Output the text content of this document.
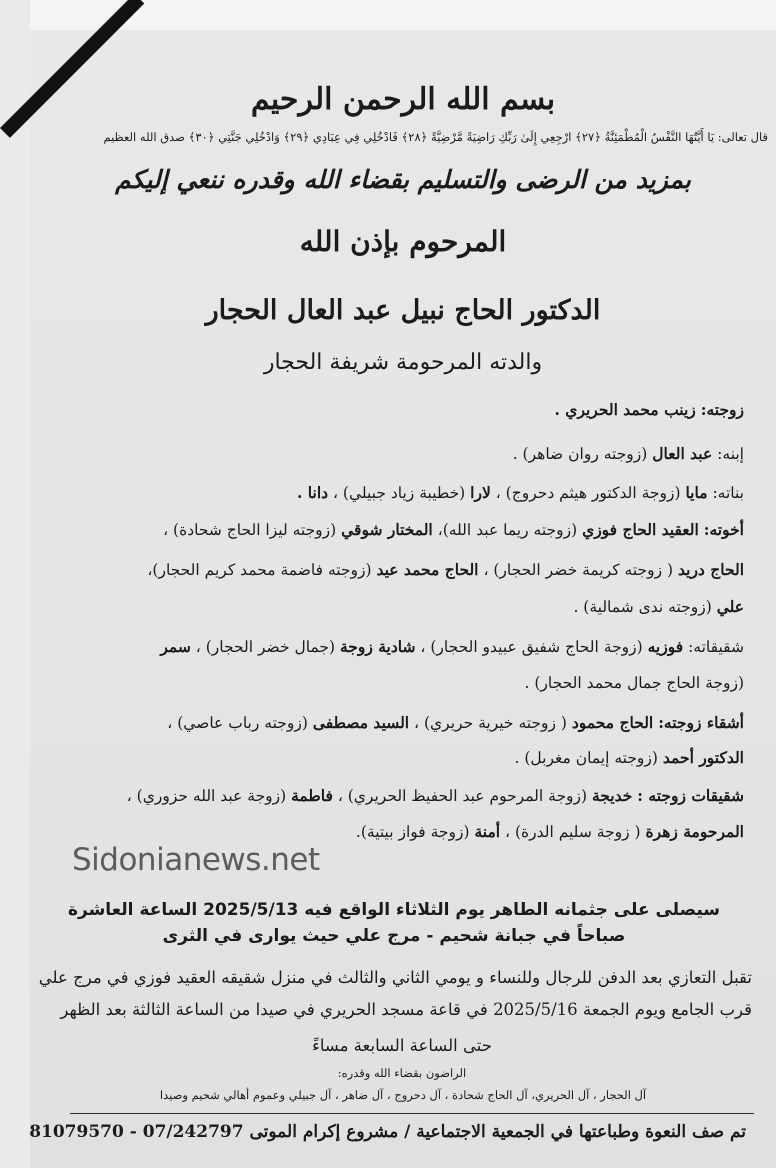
بسم الله الرحمن الرحيم
قال تعالى: يَا أَيَّتُهَا النَّفْسُ الْمُطْمَئِنَّةُ ﴿٢٧﴾ ارْجِعِي إِلَىٰ رَبِّكِ رَاضِيَةً مَّرْضِيَّةً ﴿٢٨﴾ فَادْخُلِي فِي عِبَادِي ﴿٢٩﴾ وَادْخُلِي جَنَّتِي ﴿٣٠﴾ صدق الله العظيم
بمزيد من الرضى والتسليم بقضاء الله وقدره ننعي إليكم
المرحوم بإذن الله
الدكتور الحاج نبيل عبد العال الحجار
والدته المرحومة شريفة الحجار
زوجته: زينب محمد الحريري .
إبنه: عبد العال (زوجته روان ضاهر) .
بناته: مايا (زوجة الدكتور هيثم دحروج) ، لارا (خطيبة زياد جبيلي) ، دانا .
أخوته: العقيد الحاج فوزي (زوجته ريما عبد الله)، المختار شوقي (زوجته ليزا الحاج شحادة) ،
الحاج دريد ( زوجته كريمة خضر الحجار) ، الحاج محمد عيد (زوجته فاضمة محمد كريم الحجار)،
علي (زوجته ندى شمالية) .
شقيقاته: فوزيه (زوجة الحاج شفيق عبيدو الحجار) ، شادية زوجة (جمال خضر الحجار) ، سمر
(زوجة الحاج جمال محمد الحجار) .
أشقاء زوجته: الحاج محمود ( زوجته خيرية حريري) ، السيد مصطفى (زوجته رباب عاصي) ،
الدكتور أحمد (زوجته إيمان مغربل) .
شقيقات زوجته : خديجة (زوجة المرحوم عبد الحفيظ الحريري) ، فاطمة (زوجة عبد الله حزوري) ،
المرحومة زهرة ( زوجة سليم الدرة) ، أمنة (زوجة فواز بيتية).
Sidonianews.net
سيصلى على جثمانه الطاهر يوم الثلاثاء الواقع فيه 2025/5/13 الساعة العاشرة
صباحاً في جبانة شحيم - مرج علي حيث يوارى في الثرى
تقبل التعازي بعد الدفن للرجال وللنساء و يومي الثاني والثالث في منزل شقيقه العقيد فوزي في مرج علي
قرب الجامع ويوم الجمعة 2025/5/16 في قاعة مسجد الحريري في صيدا من الساعة الثالثة بعد الظهر
حتى الساعة السابعة مساءً
الراضون بقضاء الله وقدره:
آل الحجار ، آل الحريري، آل الحاج شحادة ، آل دحروج ، آل ضاهر ، آل جبيلي وعموم أهالي شحيم وصيدا
تم صف النعوة وطباعتها في الجمعية الاجتماعية / مشروع إكرام الموتى 07/242797 - 81079570
